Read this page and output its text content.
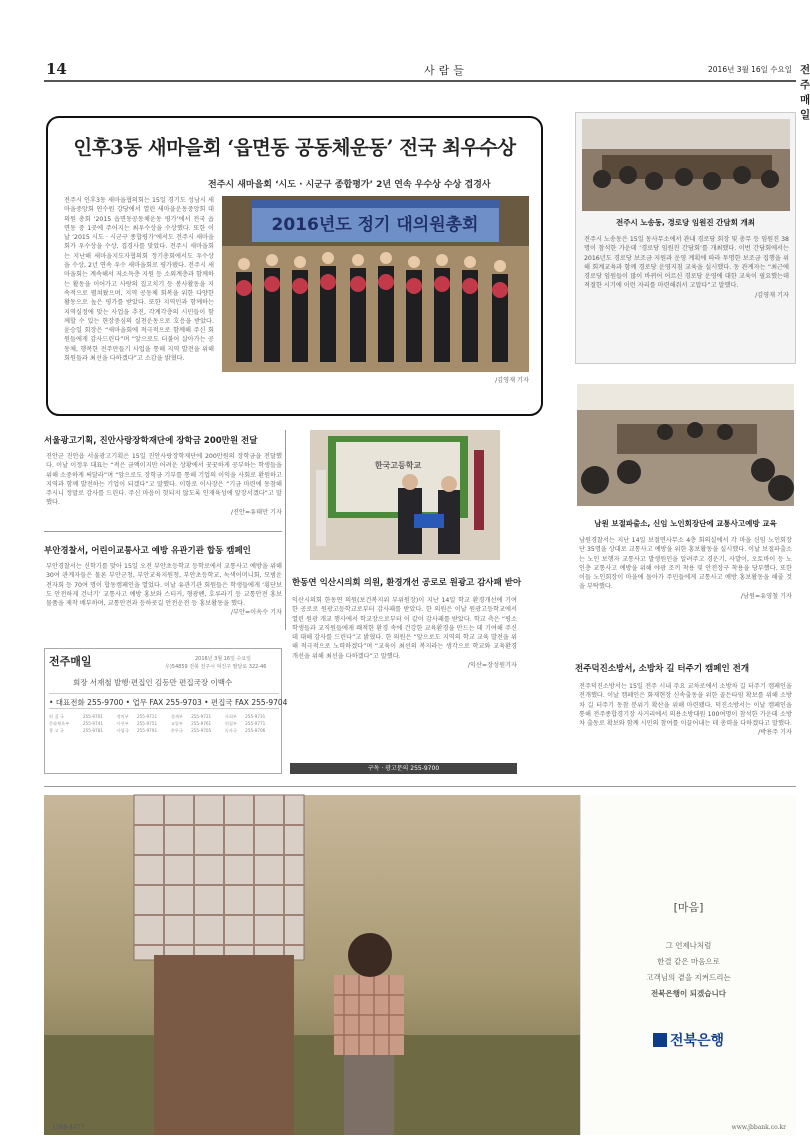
14	사람들	2016년 3월 16일 수요일 전주매일
인후3동 새마을회 ‘읍면동 공동체운동’ 전국 최우수상
전주시 새마을회 ‘시도 · 시군구 종합평가’ 2년 연속 우수상 수상 겹경사
2016년도 정기 대의원총회
전주시 인후3동 새마을협의회는 15일 경기도 성남시 새마을중앙회 연수원 강당에서 열린 새마을운동중앙회 대의원 총회 ‘2015 읍면동공동체운동 평가’에서 전국 읍면동 중 1곳에 주어지는 최우수상을 수상했다. 또한 이날 ‘2015 시도 · 시군구 종합평가’에서도 전주시 새마을회가 우수상을 수상, 겹경사를 맞았다. 전주시 새마을회는 지난해 새마을지도자협의회 정기총회에서도 우수상을 수상, 2년 연속 우수 새마을회로 평가됐다. 전주시 새마을회는 계속해서 저소득층 지원 등 소외계층과 함께하는 활동을 이어가고 사랑의 집고치기 등 봉사활동을 지속적으로 펼쳐왔으며, 지역 공동체 회복을 위한 다양한 활동으로 높은 평가를 받았다. 또한 지역민과 함께하는 지역실정에 맞는 사업을 추진, 각계각층의 시민들이 함께할 수 있는 현장중심의 실천운동으로 호응을 받았다. 윤승일 회장은 “새마을회에 적극적으로 함께해 주신 회원들에게 감사드린다”며 “앞으로도 더불어 살아가는 공동체, 행복한 전주만들기 사업을 통해 지역 발전을 위해 회원들과 최선을 다하겠다”고 소감을 밝혔다.
/김영재 기자
전주시 노송동, 경로당 임원진 간담회 개최
전주시 노송동은 15일 동사무소에서 관내 경로당 회장 및 총무 등 임원진 38명이 참석한 가운데 ‘경로당 임원진 간담회’를 개최했다. 이번 간담회에서는 2016년도 경로당 보조금 지원과 운영 계획에 따라 투명한 보조금 집행을 위해 회계교육과 함께 경로당 운영지침 교육을 실시했다. 동 관계자는 “최근에 경로당 임원들이 많이 바뀌어 어르신 경로당 운영에 대한 교육이 필요했는데 적절한 시기에 이런 자리를 마련해줘서 고맙다”고 말했다.
/김영재 기자
남원 보절파출소, 신임 노인회장단에 교통사고예방 교육
남원경찰서는 지난 14일 보절면사무소 4층 회의실에서 각 마을 신임 노인회장단 35명을 상대로 교통사고 예방을 위한 홍보활동을 실시했다. 이날 보절파출소는 노인 보행자 교통사고 발생원인을 알려주고 경운기, 사발이, 오토바이 등 노인층 교통사고 예방을 위해 야광 조끼 착용 및 안전장구 착용을 당부했다. 또한 이들 노인회장이 마을에 돌아가 주민들에게 교통사고 예방 홍보활동을 해줄 것을 부탁했다.
/남원=유영철 기자
전주덕진소방서, 소방차 길 터주기 캠페인 전개
전주덕진소방서는 15일 전주 시내 주요 교차로에서 소방차 길 터주기 캠페인을 전개했다. 이날 캠페인은 화재현장 신속출동을 위한 골든타임 확보를 위해 소방차 길 터주기 동참 분위기 확산을 위해 마련됐다. 덕진소방서는 이날 캠페인을 통해 전주종합경기장 사거리에서 의용소방대원 100여명이 참석한 가운데 소방차 출동로 확보와 함께 시민의 참여를 이끌어내는 데 총력을 다하겠다고 말했다.
/박용주 기자
서울광고기획, 진안사랑장학재단에 장학금 200만원 전달
진안군 진안읍 서울광고기획은 15일 진안사랑장학재단에 200만원의 장학금을 전달했다. 이날 이정우 대표는 “적은 금액이지만 어려운 상황에서 꿋꿋하게 공부하는 학생들을 위해 소중하게 써달라”며 “앞으로도 장학금 기부를 통해 기업의 이익을 사회로 환원하고 지역과 함께 발전하는 기업이 되겠다”고 말했다. 이항로 이사장은 “기금 마련에 동참해주시니 정말로 감사를 드린다. 주신 마음이 헛되지 않도록 인재육성에 앞장서겠다”고 말했다.
/진안=유태만 기자
부안경찰서, 어린이교통사고 예방 유관기관 합동 캠페인
부안경찰서는 신학기를 맞아 15일 오전 부안초등학교 등학로에서 교통사고 예방을 위해 30여 관계자들은 물론 부안군청, 부안교육지원청, 부안초등학교, 녹색어머니회, 모범운전자회 등 70여 명이 합동캠페인을 열었다. 이날 유관기관 회원들은 학생들에게 ‘횡단보도 안전하게 건너기’ 교통사고 예방 홍보와 스티커, 형광펜, 호루라기 등 교통안전 홍보물품을 제작 배부하며, 교통안전과 등하굣길 안전운전 등 홍보활동을 했다.
/부안=이옥수 기자
한국고등학교
한동연 익산시의회 의원, 환경개선 공로로 원광고 감사패 받아
익산시의회 한동연 의원(보건복지위 부위원장)이 지난 14일 학교 환경개선에 기여한 공로로 원광고등학교로부터 감사패를 받았다. 한 의원은 이날 원광고등학교에서 열린 원광 개교 행사에서 학교장으로부터 이 같이 감사패를 받았다. 학교 측은 “평소 학생들과 교직원들에게 쾌적한 환경 속에 건강한 교육환경을 만드는 데 기여해 주신 데 대해 감사를 드린다”고 밝혔다. 한 의원은 “앞으로도 지역의 학교 교육 발전을 위해 적극적으로 노력하겠다”며 “교육이 최선의 복지라는 생각으로 학교와 교육환경 개선을 위해 최선을 다하겠다”고 말했다.
/익산=장성원기자
전주매일	2016년 3월 16일 수요일
우)54859 전북 전주시 덕진구 팔달로 322-46
회장 서재철 발행·편집인 김동만 편집국장 이백수
• 대표전화 255-9700 • 업무 FAX 255-9703 • 편집국 FAX 255-9704
편 집 국	255-9701	정치부	255-9711	경제부	255-9721	사회부	255-9731
문화체육부	255-9741	사진부	255-9751	교열부	255-9761	편집부	255-9771
광 고 국	255-9781	사업국	255-9791	총무국	255-9705	독자국	255-9706
구독 · 광고문의 255-9700
[마음]
그 언제나처럼
한결 같은 마음으로
고객님의 곁을 지켜드리는
전북은행이 되겠습니다
전북은행
1588-4477	www.jbbank.co.kr
